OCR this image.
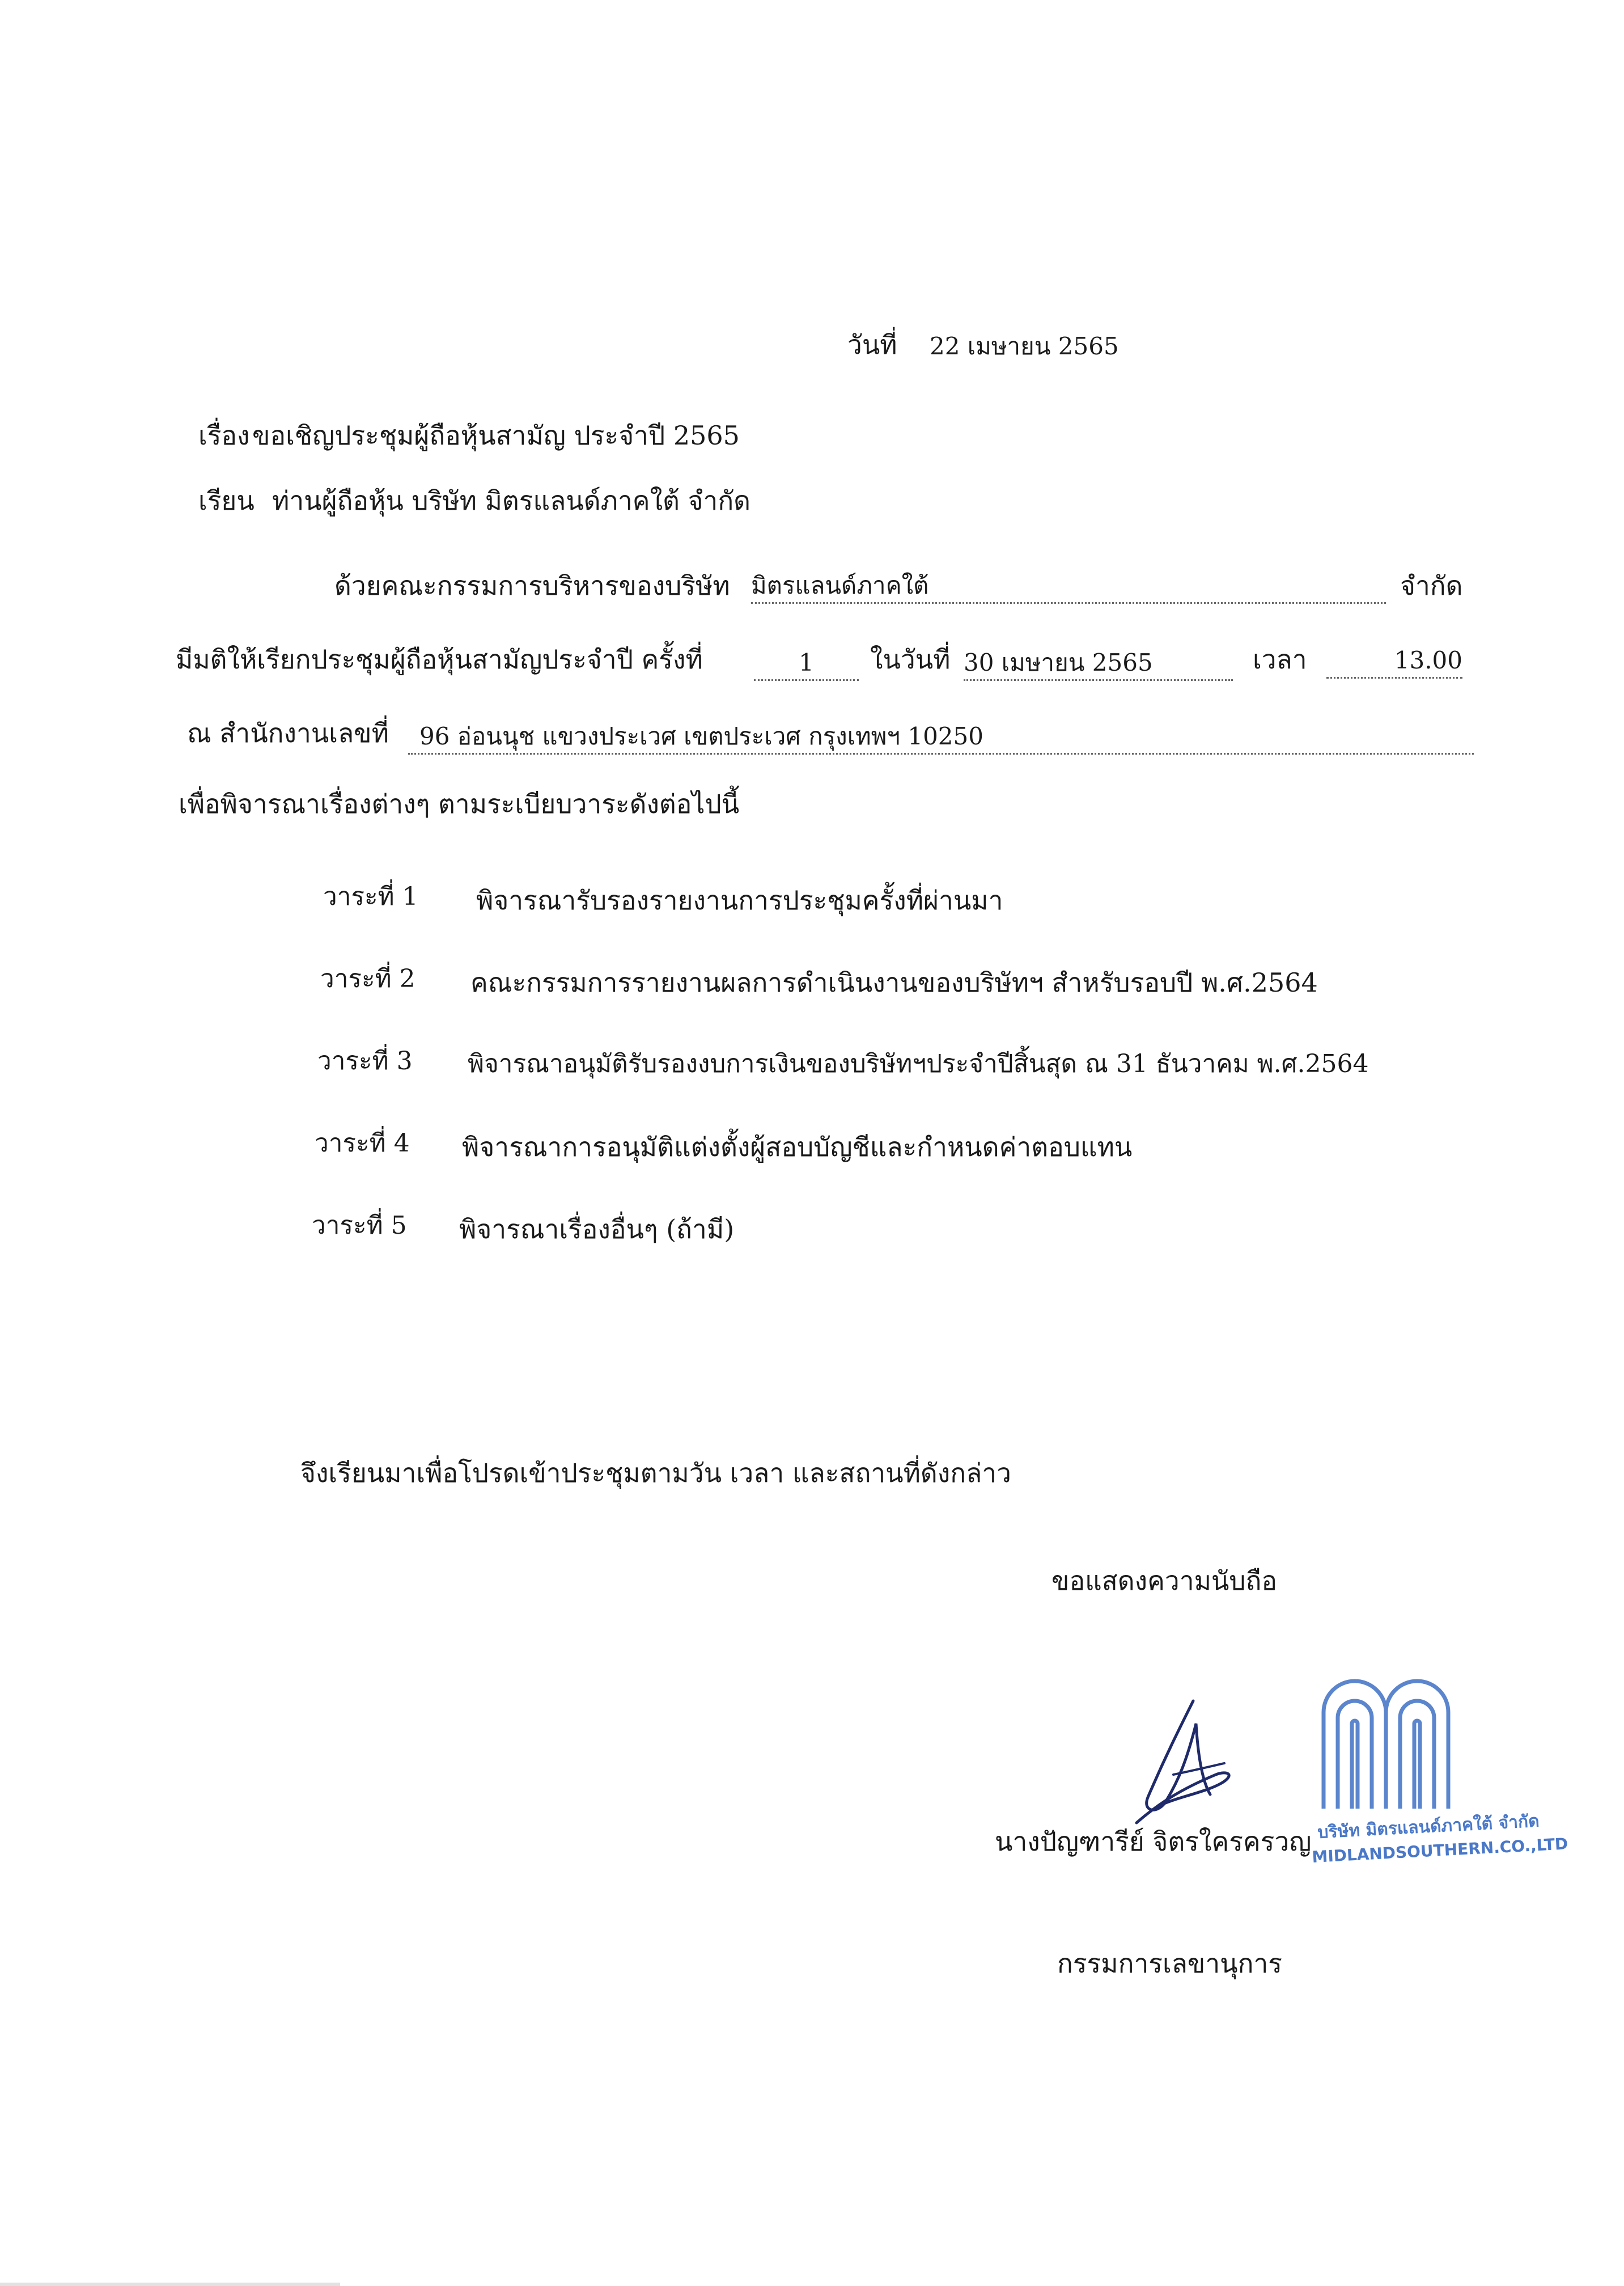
วันที่ 22 เมษายน 2565
เรื่อง ขอเชิญประชุมผู้ถือหุ้นสามัญ ประจำปี 2565
เรียน ท่านผู้ถือหุ้น บริษัท มิตรแลนด์ภาคใต้ จำกัด
ด้วยคณะกรรมการบริหารของบริษัท มิตรแลนด์ภาคใต้	จำกัด
มีมติให้เรียกประชุมผู้ถือหุ้นสามัญประจำปี ครั้งที่	1	ในวันที่ 30 เมษายน 2565	เวลา	13.00
ณ สำนักงานเลขที่	96 อ่อนนุช แขวงประเวศ เขตประเวศ กรุงเทพฯ 10250
เพื่อพิจารณาเรื่องต่างๆ ตามระเบียบวาระดังต่อไปนี้
วาระที่ 1 พิจารณารับรองรายงานการประชุมครั้งที่ผ่านมา
วาระที่ 2 คณะกรรมการรายงานผลการดำเนินงานของบริษัทฯ สำหรับรอบปี พ.ศ.2564
วาระที่ 3 พิจารณาอนุมัติรับรองงบการเงินของบริษัทฯประจำปีสิ้นสุด ณ 31 ธันวาคม พ.ศ.2564
วาระที่ 4 พิจารณาการอนุมัติแต่งตั้งผู้สอบบัญชีและกำหนดค่าตอบแทน
วาระที่ 5 พิจารณาเรื่องอื่นๆ (ถ้ามี)
จึงเรียนมาเพื่อโปรดเข้าประชุมตามวัน เวลา และสถานที่ดังกล่าว
ขอแสดงความนับถือ
บริษัท มิตรแลนด์ภาคใต้ จำกัด
MIDLANDSOUTHERN.CO.,LTD
นางปัญฑารีย์ จิตรใครครวญ
กรรมการเลขานุการ
